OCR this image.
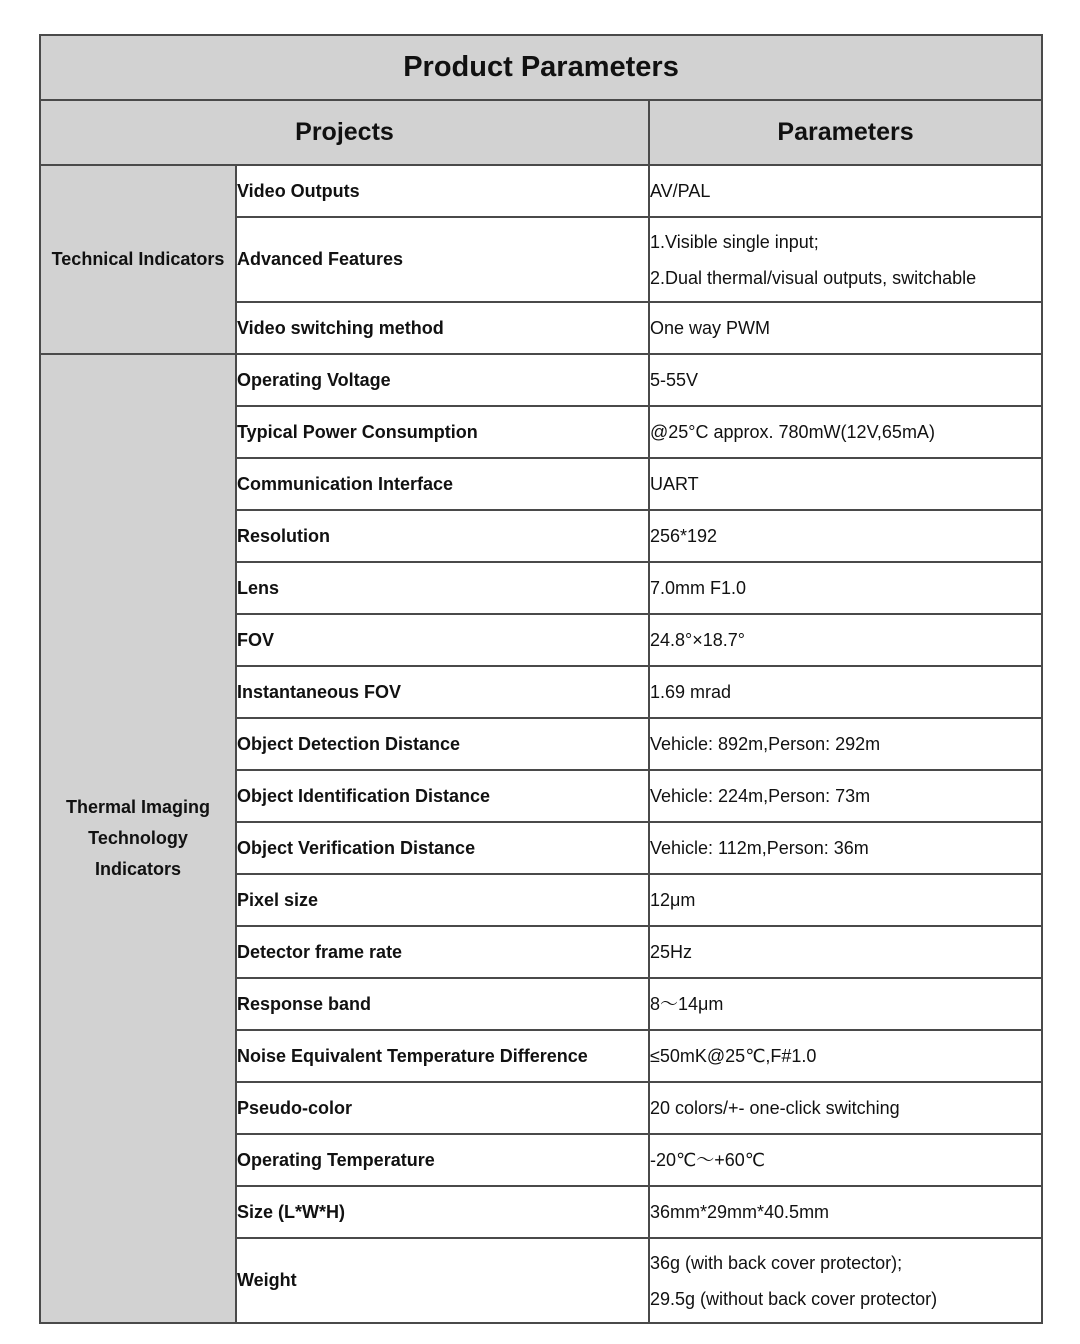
Product Parameters		
Projects		Parameters
Technical Indicators	Video Outputs	AV/PAL

	Advanced Features	1.Visible single input;
2.Dual thermal/visual outputs, switchable

	Video switching method	One way PWM

Thermal Imaging
Technology
Indicators	Operating Voltage	5-55V

	Typical Power Consumption	@25°C approx. 780mW(12V,65mA)

	Communication Interface	UART

	Resolution	256*192

	Lens	7.0mm F1.0

	FOV	24.8°×18.7°

	Instantaneous FOV	1.69 mrad

	Object Detection Distance	Vehicle: 892m,Person: 292m

	Object Identification Distance	Vehicle: 224m,Person: 73m

	Object Verification Distance	Vehicle: 112m,Person: 36m

	Pixel size	12μm

	Detector frame rate	25Hz

	Response band	8～14μm

	Noise Equivalent Temperature Difference	≤50mK@25℃,F#1.0

	Pseudo-color	20 colors/+- one-click switching

	Operating Temperature	-20℃～+60℃

	Size (L*W*H)	36mm*29mm*40.5mm

	Weight	36g (with back cover protector);
29.5g (without back cover protector)
